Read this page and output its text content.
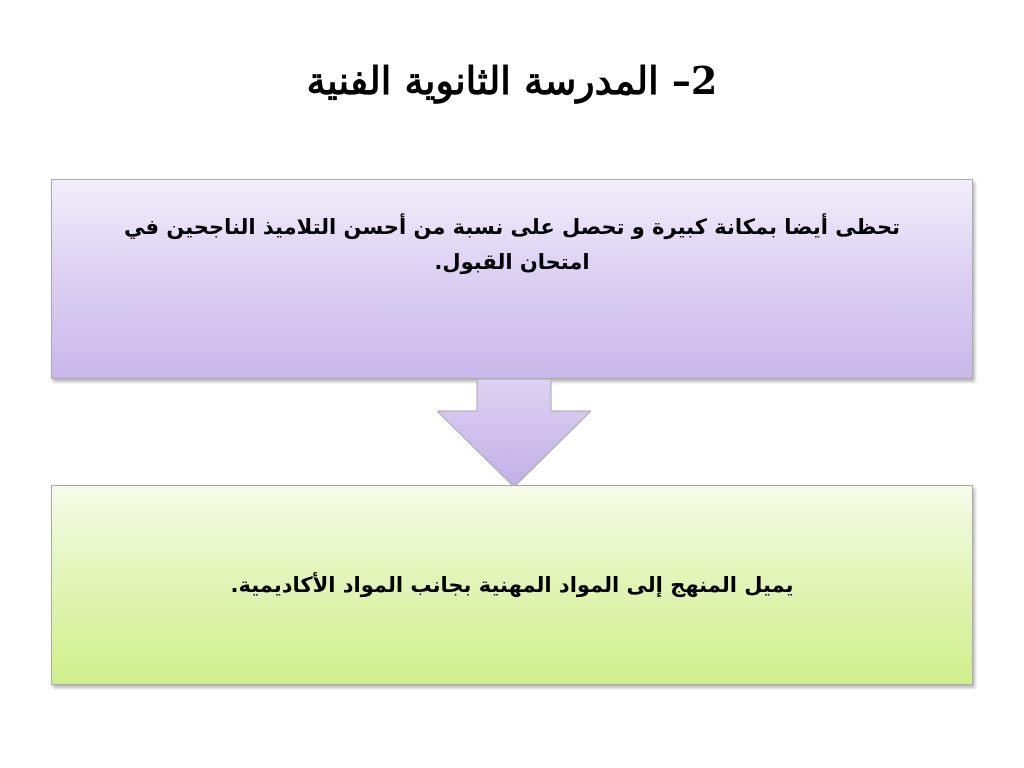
2– المدرسة الثانوية الفنية
تحظى أيضا بمكانة كبيرة و تحصل على نسبة من أحسن التلاميذ الناجحين في امتحان القبول.
يميل المنهج إلى المواد المهنية بجانب المواد الأكاديمية.
